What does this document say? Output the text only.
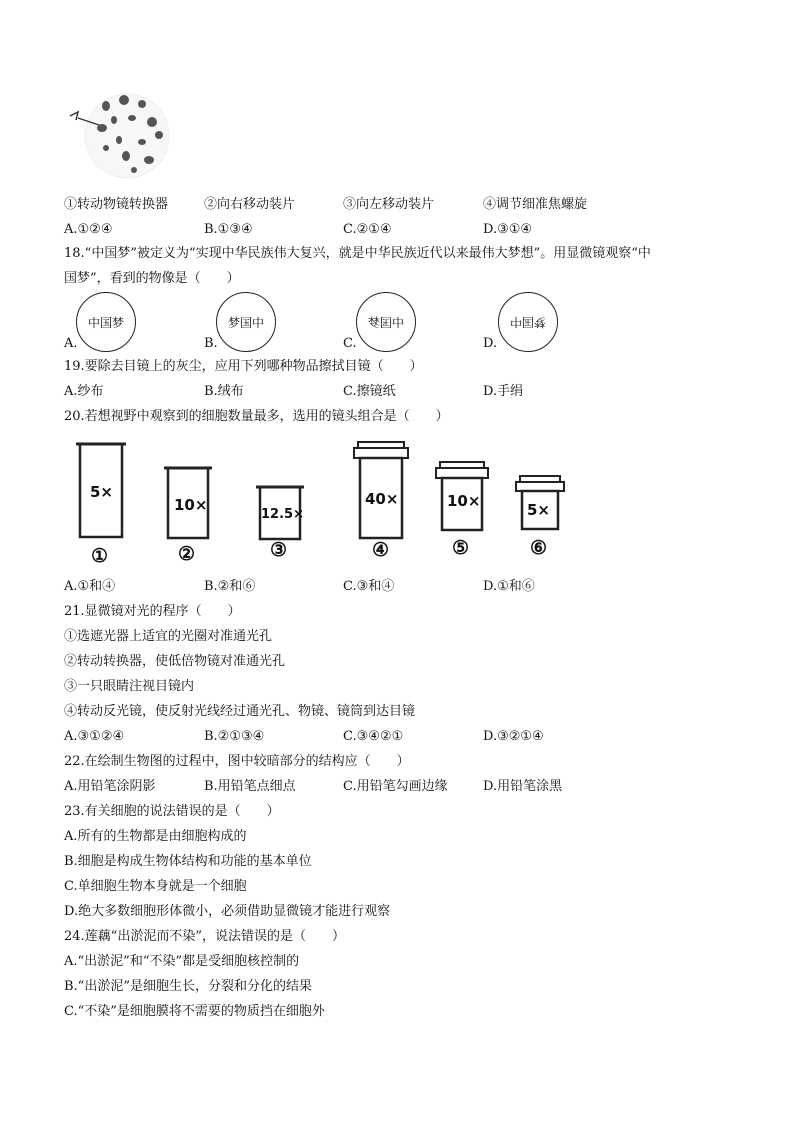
①转动物镜转换器	②向右移动装片	③向左移动装片	④调节细准焦螺旋
A.①②④	B.①③④	C.②①④	D.③①④
18.“中国梦”被定义为“实现中华民族伟大复兴，就是中华民族近代以来最伟大梦想”。用显微镜观察“中
国梦”，看到的物像是（　　）
中国梦	梦国中	中国梦	梦国中
A.	B.	C.	D.
19.要除去目镜上的灰尘，应用下列哪种物品擦拭目镜（　　）
A.纱布	B.绒布	C.擦镜纸	D.手绢
20.若想视野中观察到的细胞数量最多，选用的镜头组合是（　　）
5×
10×
12.5×
40×	10×	5×
①	②	③	④	⑤	⑥
A.①和④	B.②和⑥	C.③和④	D.①和⑥
21.显微镜对光的程序（　　）
①选遮光器上适宜的光圈对准通光孔
②转动转换器，使低倍物镜对准通光孔
③一只眼睛注视目镜内
④转动反光镜，使反射光线经过通光孔、物镜、镜筒到达目镜
A.③①②④	B.②①③④	C.③④②①	D.③②①④
22.在绘制生物图的过程中，图中较暗部分的结构应（　　）
A.用铅笔涂阴影	B.用铅笔点细点	C.用铅笔勾画边缘	D.用铅笔涂黑
23.有关细胞的说法错误的是（　　）
A.所有的生物都是由细胞构成的
B.细胞是构成生物体结构和功能的基本单位
C.单细胞生物本身就是一个细胞
D.绝大多数细胞形体微小，必须借助显微镜才能进行观察
24.莲藕“出淤泥而不染”，说法错误的是（　　）
A.“出淤泥”和“不染”都是受细胞核控制的
B.“出淤泥”是细胞生长，分裂和分化的结果
C.“不染”是细胞膜将不需要的物质挡在细胞外
